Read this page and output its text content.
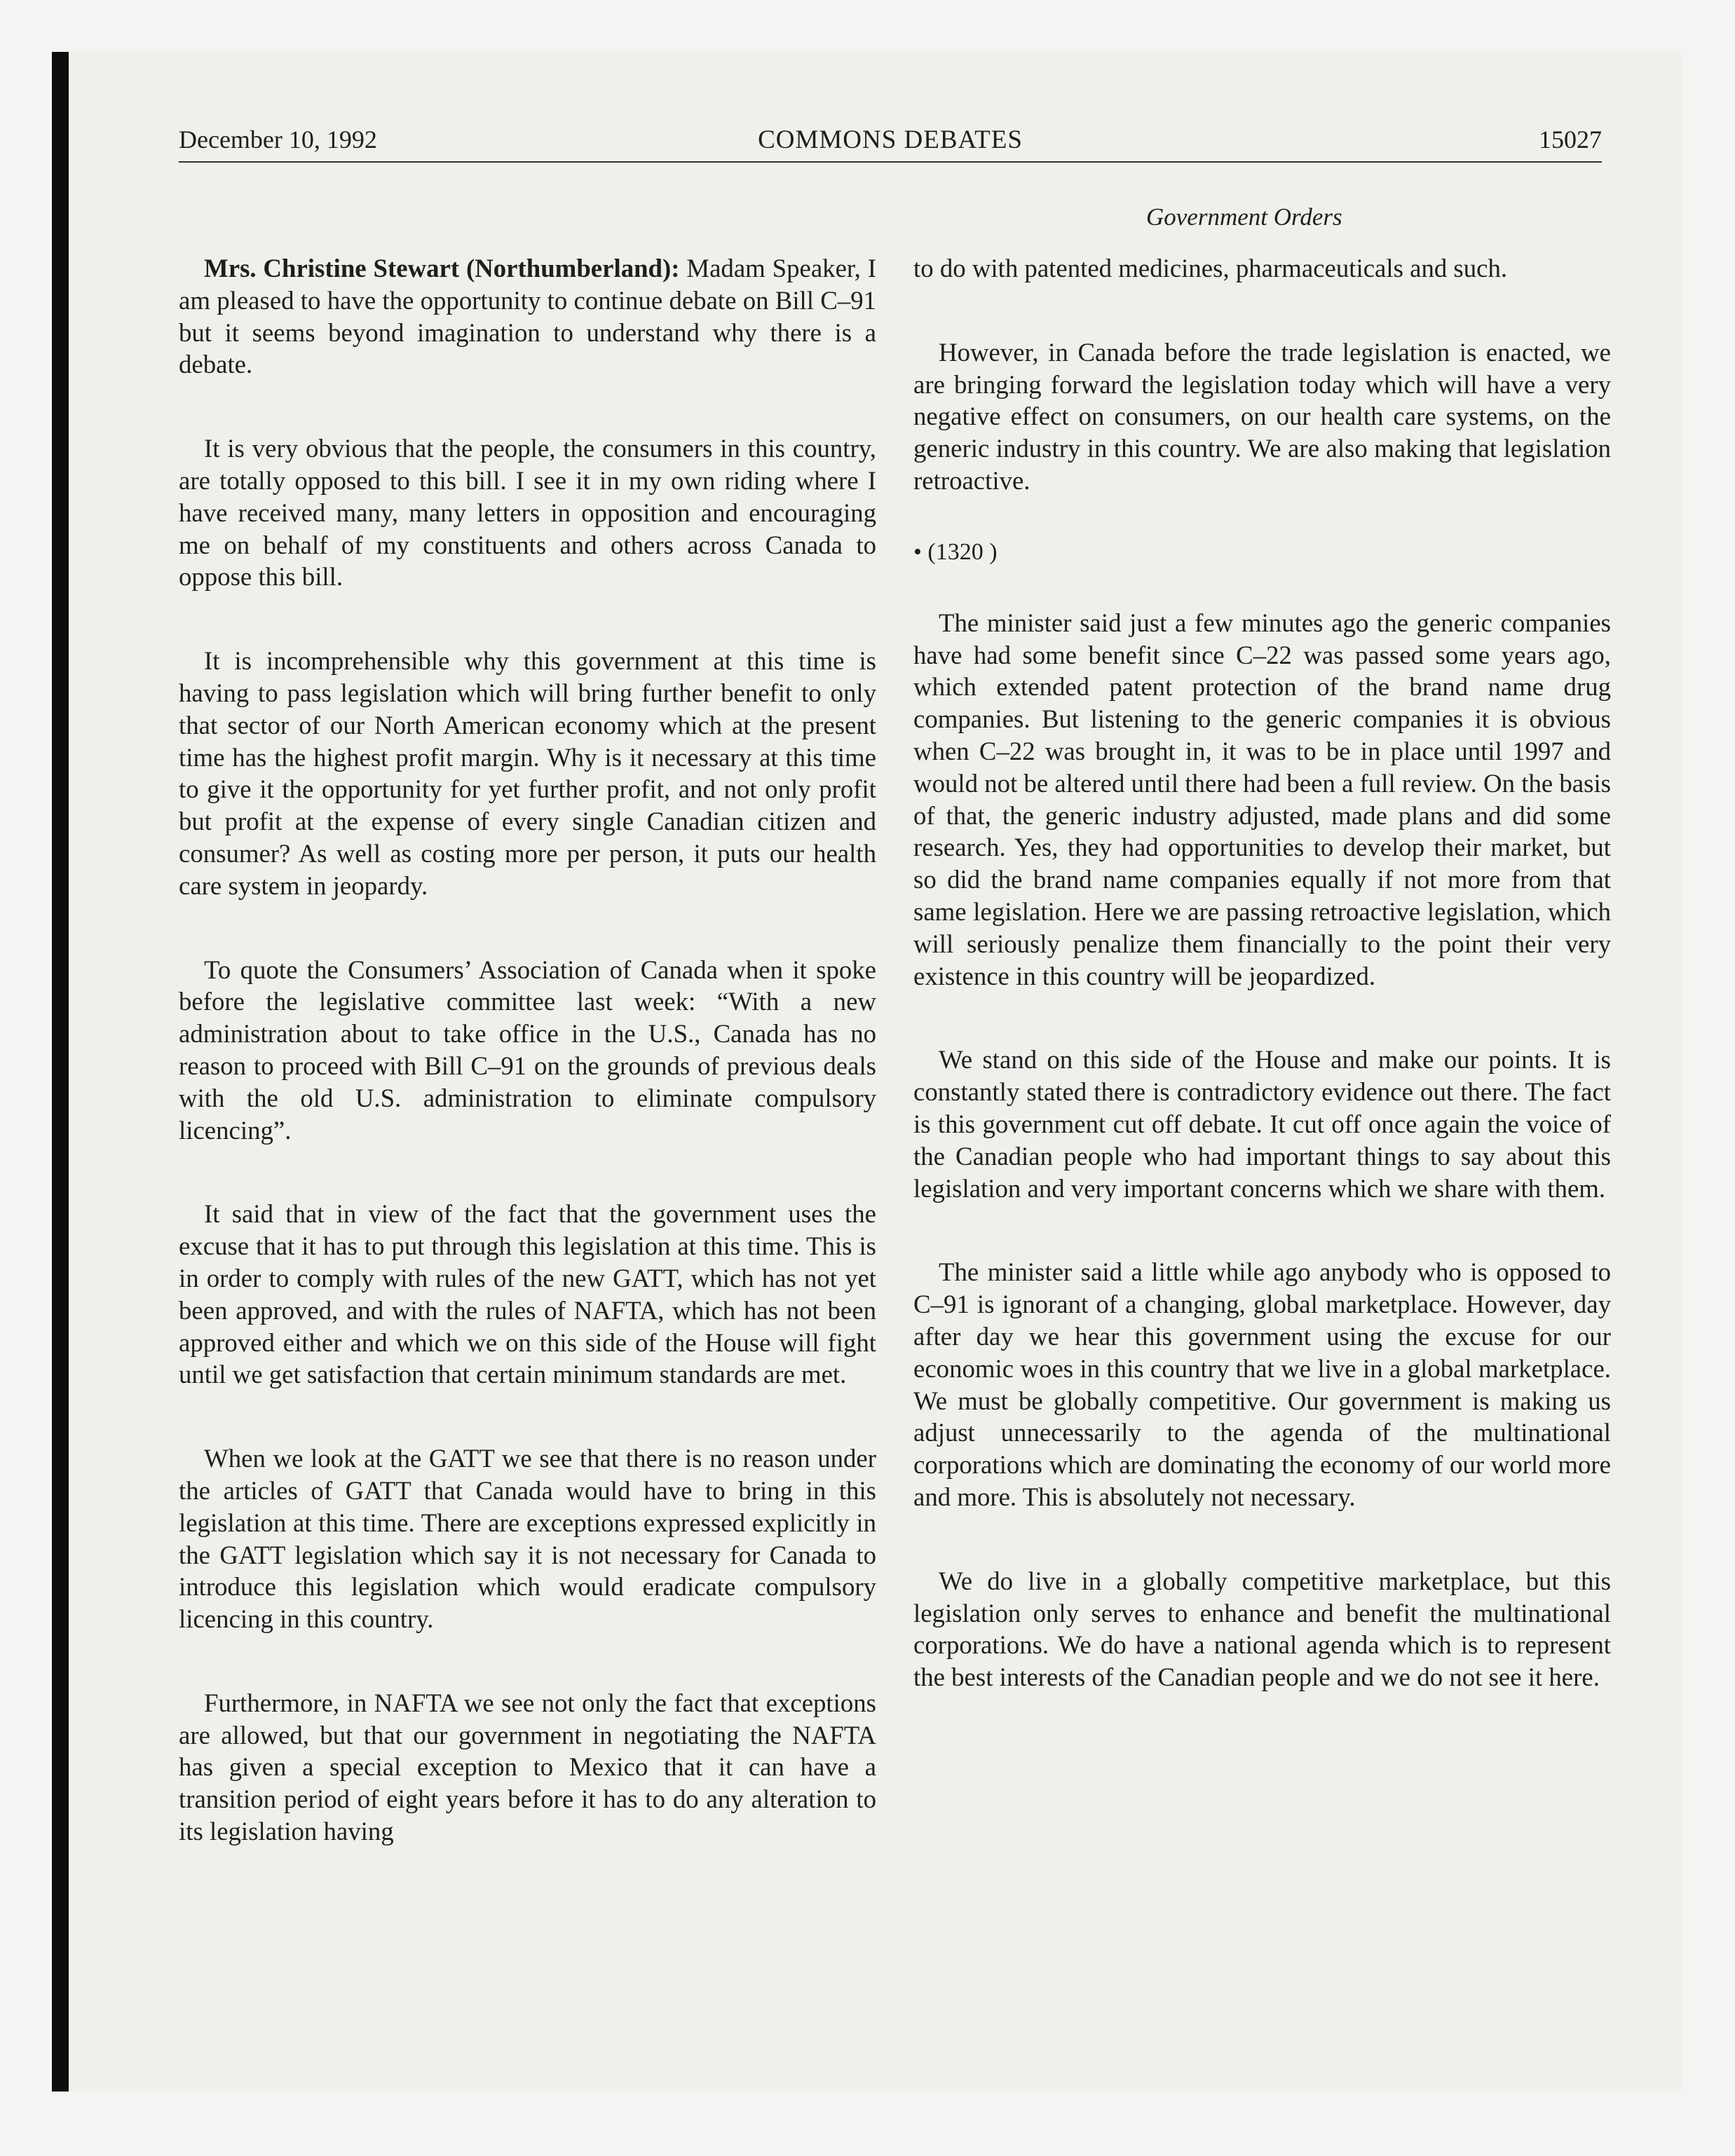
December 10, 1992	COMMONS DEBATES	15027
Government Orders

Mrs. Christine Stewart (Northumberland): Madam Speaker, I am pleased to have the opportunity to continue debate on Bill C–91 but it seems beyond imagination to understand why there is a debate.

It is very obvious that the people, the consumers in this country, are totally opposed to this bill. I see it in my own riding where I have received many, many letters in opposition and encouraging me on behalf of my constituents and others across Canada to oppose this bill.

It is incomprehensible why this government at this time is having to pass legislation which will bring further benefit to only that sector of our North American economy which at the present time has the highest profit margin. Why is it necessary at this time to give it the opportunity for yet further profit, and not only profit but profit at the expense of every single Canadian citizen and consumer? As well as costing more per person, it puts our health care system in jeopardy.

To quote the Consumers’ Association of Canada when it spoke before the legislative committee last week: “With a new administration about to take office in the U.S., Canada has no reason to proceed with Bill C–91 on the grounds of previous deals with the old U.S. administration to eliminate compulsory licencing”.

It said that in view of the fact that the government uses the excuse that it has to put through this legislation at this time. This is in order to comply with rules of the new GATT, which has not yet been approved, and with the rules of NAFTA, which has not been approved either and which we on this side of the House will fight until we get satisfaction that certain minimum standards are met.

When we look at the GATT we see that there is no reason under the articles of GATT that Canada would have to bring in this legislation at this time. There are exceptions expressed explicitly in the GATT legislation which say it is not necessary for Canada to introduce this legislation which would eradicate compulsory licencing in this country.

Furthermore, in NAFTA we see not only the fact that exceptions are allowed, but that our government in negotiating the NAFTA has given a special exception to Mexico that it can have a transition period of eight years before it has to do any alteration to its legislation having

to do with patented medicines, pharmaceuticals and such.

However, in Canada before the trade legislation is enacted, we are bringing forward the legislation today which will have a very negative effect on consumers, on our health care systems, on the generic industry in this country. We are also making that legislation retroactive.

• (1320 )

The minister said just a few minutes ago the generic companies have had some benefit since C–22 was passed some years ago, which extended patent protection of the brand name drug companies. But listening to the generic companies it is obvious when C–22 was brought in, it was to be in place until 1997 and would not be altered until there had been a full review. On the basis of that, the generic industry adjusted, made plans and did some research. Yes, they had opportunities to develop their market, but so did the brand name companies equally if not more from that same legislation. Here we are passing retroactive legislation, which will seriously penalize them financially to the point their very existence in this country will be jeopardized.

We stand on this side of the House and make our points. It is constantly stated there is contradictory evidence out there. The fact is this government cut off debate. It cut off once again the voice of the Canadian people who had important things to say about this legislation and very important concerns which we share with them.

The minister said a little while ago anybody who is opposed to C–91 is ignorant of a changing, global marketplace. However, day after day we hear this government using the excuse for our economic woes in this country that we live in a global marketplace. We must be globally competitive. Our government is making us adjust unnecessarily to the agenda of the multinational corporations which are dominating the economy of our world more and more. This is absolutely not necessary.

We do live in a globally competitive marketplace, but this legislation only serves to enhance and benefit the multinational corporations. We do have a national agenda which is to represent the best interests of the Canadian people and we do not see it here.
